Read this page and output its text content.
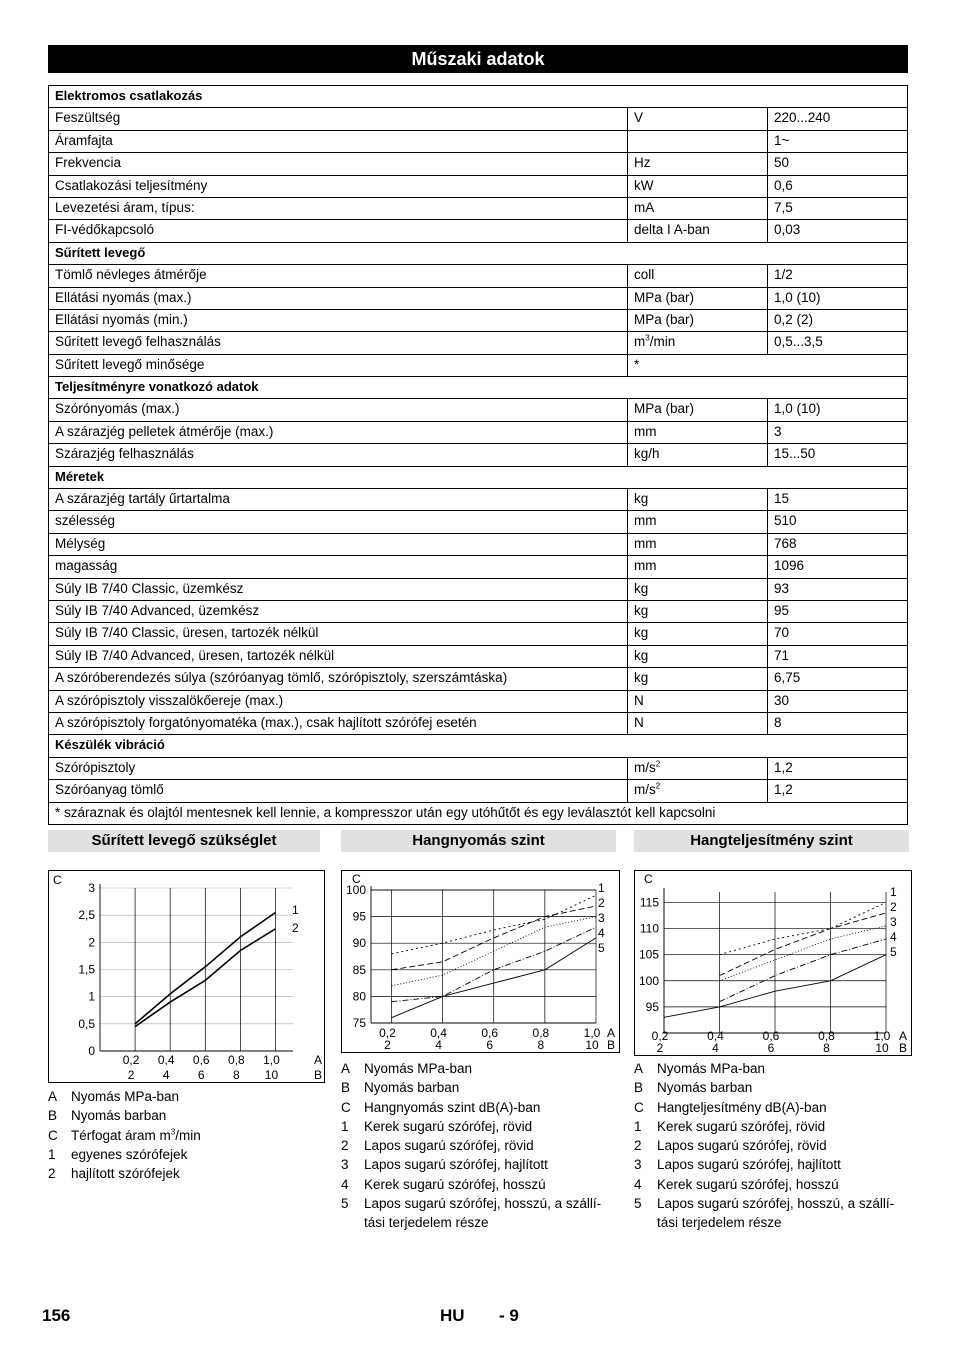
Műszaki adatok
Elektromos csatlakozás		
Feszültség	V	220...240
Áramfajta		1~
Frekvencia	Hz	50
Csatlakozási teljesítmény	kW	0,6
Levezetési áram, típus:	mA	7,5
FI-védőkapcsoló	delta I A-ban	0,03
Sűrített levegő		
Tömlő névleges átmérője	coll	1/2
Ellátási nyomás (max.)	MPa (bar)	1,0 (10)
Ellátási nyomás (min.)	MPa (bar)	0,2 (2)
Sűrített levegő felhasználás	$m^3/\min$	0,5...3,5
Sűrített levegő minősége	*	
Teljesítményre vonatkozó adatok		
Szórónyomás (max.)	MPa (bar)	1,0 (10)
A szárazjég pelletek átmérője (max.)	mm	3
Szárazjég felhasználás	kg/h	15...50
Méretek		
A szárazjég tartály űrtartalma	kg	15
szélesség	mm	510
Mélység	mm	768
magasság	mm	1096
Súly IB 7/40 Classic, üzemkész	kg	93
Súly IB 7/40 Advanced, üzemkész	kg	95
Súly IB 7/40 Classic, üresen, tartozék nélkül	kg	70
Súly IB 7/40 Advanced, üresen, tartozék nélkül	kg	71
A szóróberendezés súlya (szóróanyag tömlő, szórópisztoly, szerszámtáska)	kg	6,75
A szórópisztoly visszalökőereje (max.)	N	30
A szórópisztoly forgatónyomatéka (max.), csak hajlított szórófej esetén	N	8
Készülék vibráció		
Szórópisztoly	$m/s^2$	1,2
Szóróanyag tömlő	$m/s^2$	1,2
* száraznak és olajtól mentesnek kell lennie, a kompresszor után egy utóhűtőt és egy leválasztót kell kapcsolni		
Sűrített levegő szükséglet	Hangnyomás szint	Hangteljesítmény szint
0
0,5
1
1,5
2
2,5
3
0,2
2
0,4
4
0,6
6
0,8
8
1,0
10
C
A
B
1
2
75
80
85
90
95
100
0,2
2
0,4
4
0,6
6
0,8
8
1,0
10
C
A
B
1
2
3
4
5
95
100
105
110
115
0,2
2
0,4
4
0,6
6
0,8
8
1,0
10
C
A
B
1
2
3
4
5
A	Nyomás MPa-ban
B	Nyomás barban
C Térfogat áram $m^3/\min$
1	egyenes szórófejek
2	hajlított szórófejek
A	Nyomás MPa-ban
B	Nyomás barban
C Hangnyomás szint dB(A)-ban
1	Kerek sugarú szórófej, rövid
2	Lapos sugarú szórófej, rövid
3	Lapos sugarú szórófej, hajlított
4	Kerek sugarú szórófej, hosszú
5	Lapos sugarú szórófej, hosszú, a szállí-
tási terjedelem része
A	Nyomás MPa-ban
B	Nyomás barban
C Hangteljesítmény dB(A)-ban
1	Kerek sugarú szórófej, rövid
2	Lapos sugarú szórófej, rövid
3	Lapos sugarú szórófej, hajlított
4	Kerek sugarú szórófej, hosszú
5	Lapos sugarú szórófej, hosszú, a szállí-
tási terjedelem része
156	HU - 9
